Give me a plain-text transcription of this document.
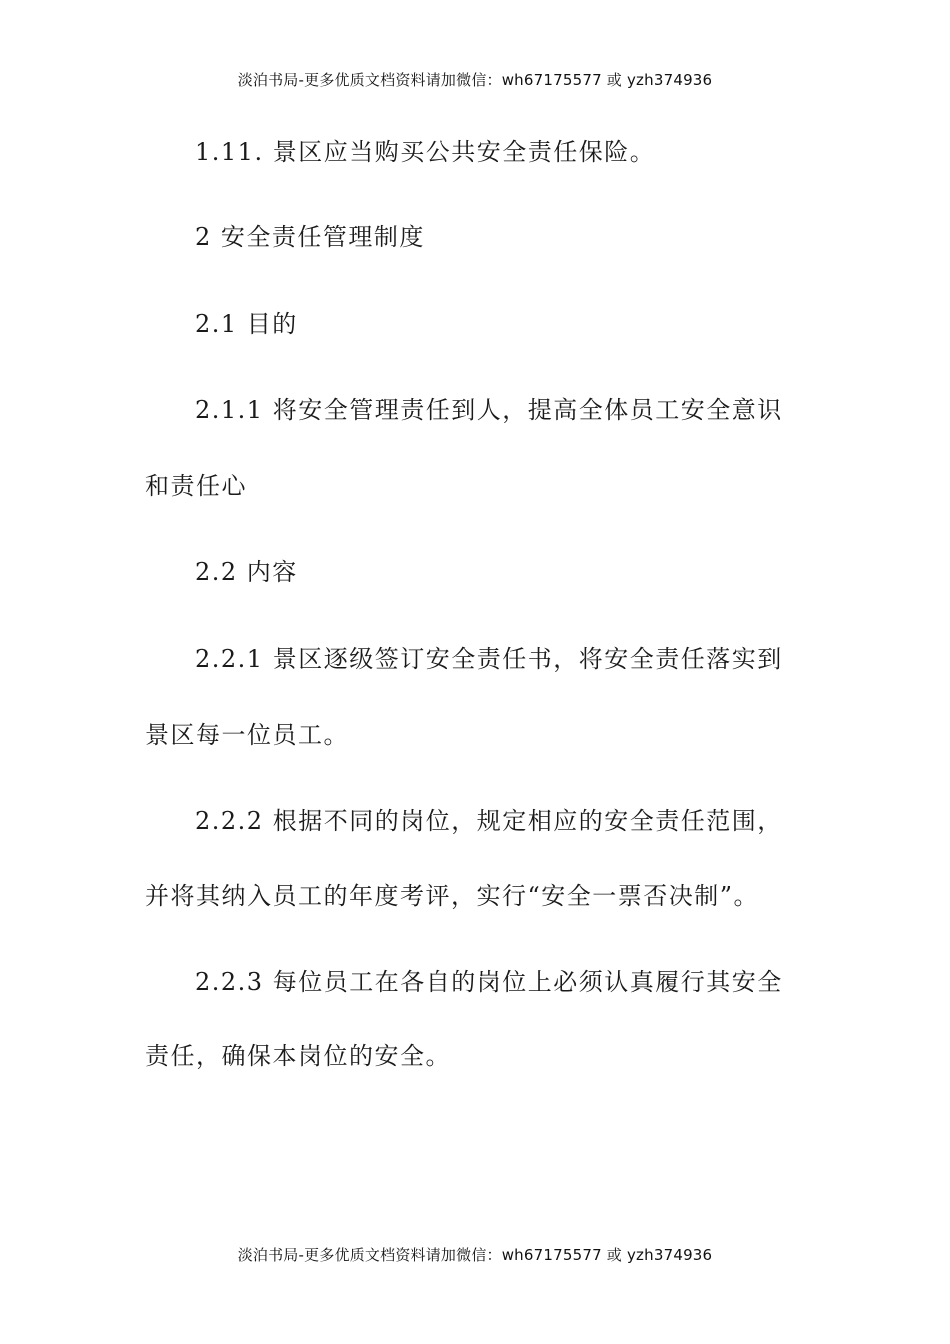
淡泊书局-更多优质文档资料请加微信：wh67175577 或 yzh374936
1.11. 景区应当购买公共安全责任保险。
2 安全责任管理制度
2.1 目的
2.1.1 将安全管理责任到人，提高全体员工安全意识
和责任心
2.2 内容
2.2.1 景区逐级签订安全责任书，将安全责任落实到
景区每一位员工。
2.2.2 根据不同的岗位，规定相应的安全责任范围，
并将其纳入员工的年度考评，实行“安全一票否决制”。
2.2.3 每位员工在各自的岗位上必须认真履行其安全
责任，确保本岗位的安全。
淡泊书局-更多优质文档资料请加微信：wh67175577 或 yzh374936
